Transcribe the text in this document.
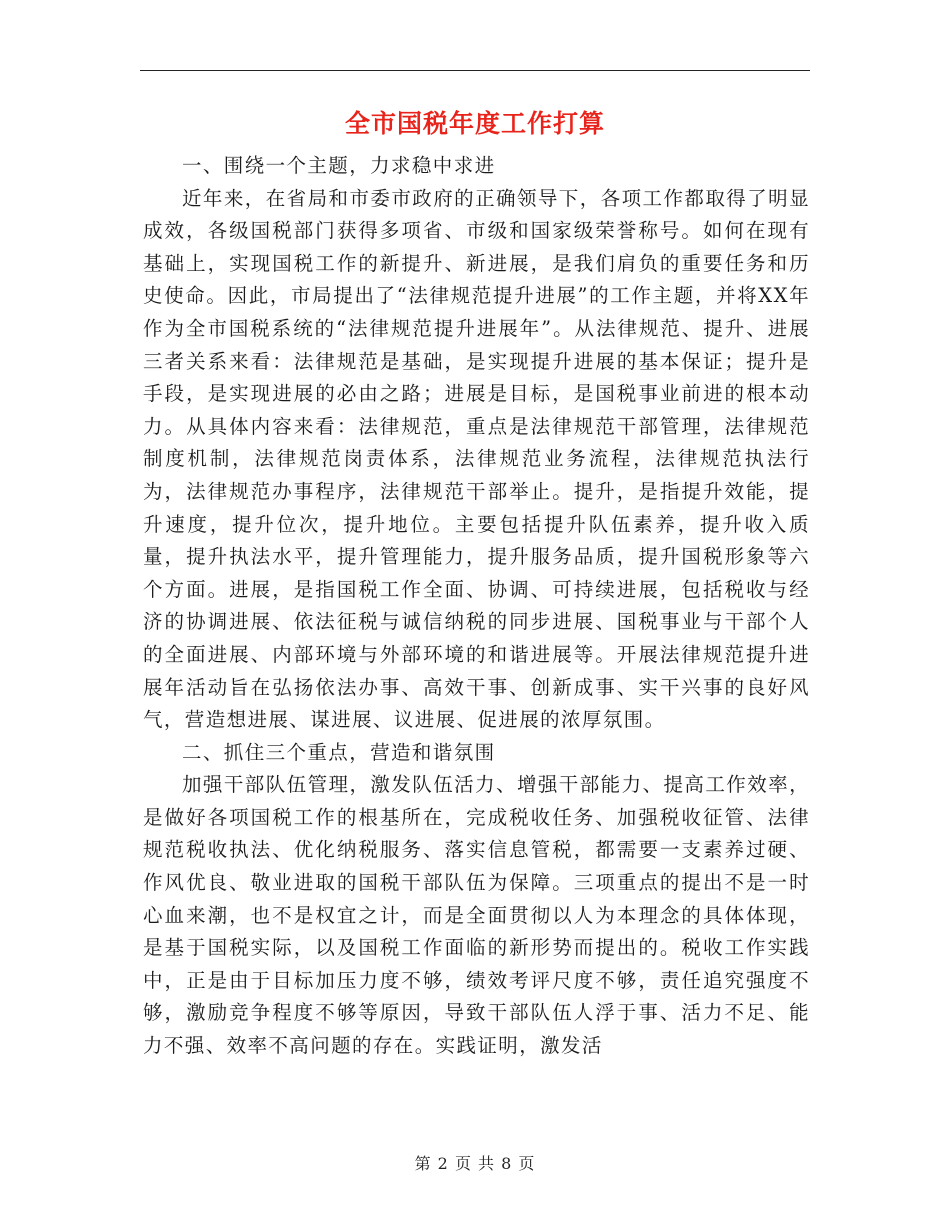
全市国税年度工作打算

一、围绕一个主题，力求稳中求进

近年来，在省局和市委市政府的正确领导下，各项工作都取得了明显成效，各级国税部门获得多项省、市级和国家级荣誉称号。如何在现有基础上，实现国税工作的新提升、新进展，是我们肩负的重要任务和历史使命。因此，市局提出了“法律规范提升进展”的工作主题，并将XX年作为全市国税系统的“法律规范提升进展年”。从法律规范、提升、进展三者关系来看：法律规范是基础，是实现提升进展的基本保证；提升是手段，是实现进展的必由之路；进展是目标，是国税事业前进的根本动力。从具体内容来看：法律规范，重点是法律规范干部管理，法律规范制度机制，法律规范岗责体系，法律规范业务流程，法律规范执法行为，法律规范办事程序，法律规范干部举止。提升，是指提升效能，提升速度，提升位次，提升地位。主要包括提升队伍素养，提升收入质量，提升执法水平，提升管理能力，提升服务品质，提升国税形象等六个方面。进展，是指国税工作全面、协调、可持续进展，包括税收与经济的协调进展、依法征税与诚信纳税的同步进展、国税事业与干部个人的全面进展、内部环境与外部环境的和谐进展等。开展法律规范提升进展年活动旨在弘扬依法办事、高效干事、创新成事、实干兴事的良好风气，营造想进展、谋进展、议进展、促进展的浓厚氛围。

二、抓住三个重点，营造和谐氛围

加强干部队伍管理，激发队伍活力、增强干部能力、提高工作效率，是做好各项国税工作的根基所在，完成税收任务、加强税收征管、法律规范税收执法、优化纳税服务、落实信息管税，都需要一支素养过硬、作风优良、敬业进取的国税干部队伍为保障。三项重点的提出不是一时心血来潮，也不是权宜之计，而是全面贯彻以人为本理念的具体体现，是基于国税实际，以及国税工作面临的新形势而提出的。税收工作实践中，正是由于目标加压力度不够，绩效考评尺度不够，责任追究强度不够，激励竞争程度不够等原因，导致干部队伍人浮于事、活力不足、能力不强、效率不高问题的存在。实践证明，激发活

第 2 页 共 8 页
